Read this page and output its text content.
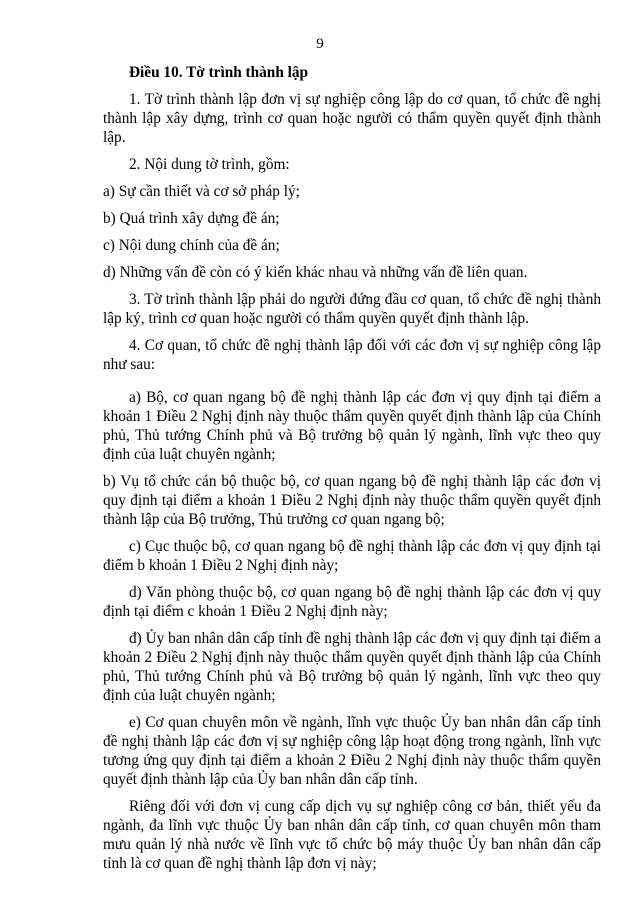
9

Điều 10. Tờ trình thành lập

1. Tờ trình thành lập đơn vị sự nghiệp công lập do cơ quan, tổ chức đề nghị thành lập xây dựng, trình cơ quan hoặc người có thẩm quyền quyết định thành lập.

2. Nội dung tờ trình, gồm:

a) Sự cần thiết và cơ sở pháp lý;

b) Quá trình xây dựng đề án;

c) Nội dung chính của đề án;

d) Những vấn đề còn có ý kiến khác nhau và những vấn đề liên quan.

3. Tờ trình thành lập phải do người đứng đầu cơ quan, tổ chức đề nghị thành lập ký, trình cơ quan hoặc người có thẩm quyền quyết định thành lập.

4. Cơ quan, tổ chức đề nghị thành lập đối với các đơn vị sự nghiệp công lập như sau:

a) Bộ, cơ quan ngang bộ đề nghị thành lập các đơn vị quy định tại điểm a khoản 1 Điều 2 Nghị định này thuộc thẩm quyền quyết định thành lập của Chính phủ, Thủ tướng Chính phủ và Bộ trưởng bộ quản lý ngành, lĩnh vực theo quy định của luật chuyên ngành;

b) Vụ tổ chức cán bộ thuộc bộ, cơ quan ngang bộ đề nghị thành lập các đơn vị quy định tại điểm a khoản 1 Điều 2 Nghị định này thuộc thẩm quyền quyết định thành lập của Bộ trưởng, Thủ trưởng cơ quan ngang bộ;

c) Cục thuộc bộ, cơ quan ngang bộ đề nghị thành lập các đơn vị quy định tại điểm b khoản 1 Điều 2 Nghị định này;

d) Văn phòng thuộc bộ, cơ quan ngang bộ đề nghị thành lập các đơn vị quy định tại điểm c khoản 1 Điều 2 Nghị định này;

đ) Ủy ban nhân dân cấp tỉnh đề nghị thành lập các đơn vị quy định tại điểm a khoản 2 Điều 2 Nghị định này thuộc thẩm quyền quyết định thành lập của Chính phủ, Thủ tướng Chính phủ và Bộ trưởng bộ quản lý ngành, lĩnh vực theo quy định của luật chuyên ngành;

e) Cơ quan chuyên môn về ngành, lĩnh vực thuộc Ủy ban nhân dân cấp tỉnh đề nghị thành lập các đơn vị sự nghiệp công lập hoạt động trong ngành, lĩnh vực tương ứng quy định tại điểm a khoản 2 Điều 2 Nghị định này thuộc thẩm quyền quyết định thành lập của Ủy ban nhân dân cấp tỉnh.

Riêng đối với đơn vị cung cấp dịch vụ sự nghiệp công cơ bản, thiết yếu đa ngành, đa lĩnh vực thuộc Ủy ban nhân dân cấp tỉnh, cơ quan chuyên môn tham mưu quản lý nhà nước về lĩnh vực tổ chức bộ máy thuộc Ủy ban nhân dân cấp tỉnh là cơ quan đề nghị thành lập đơn vị này;
